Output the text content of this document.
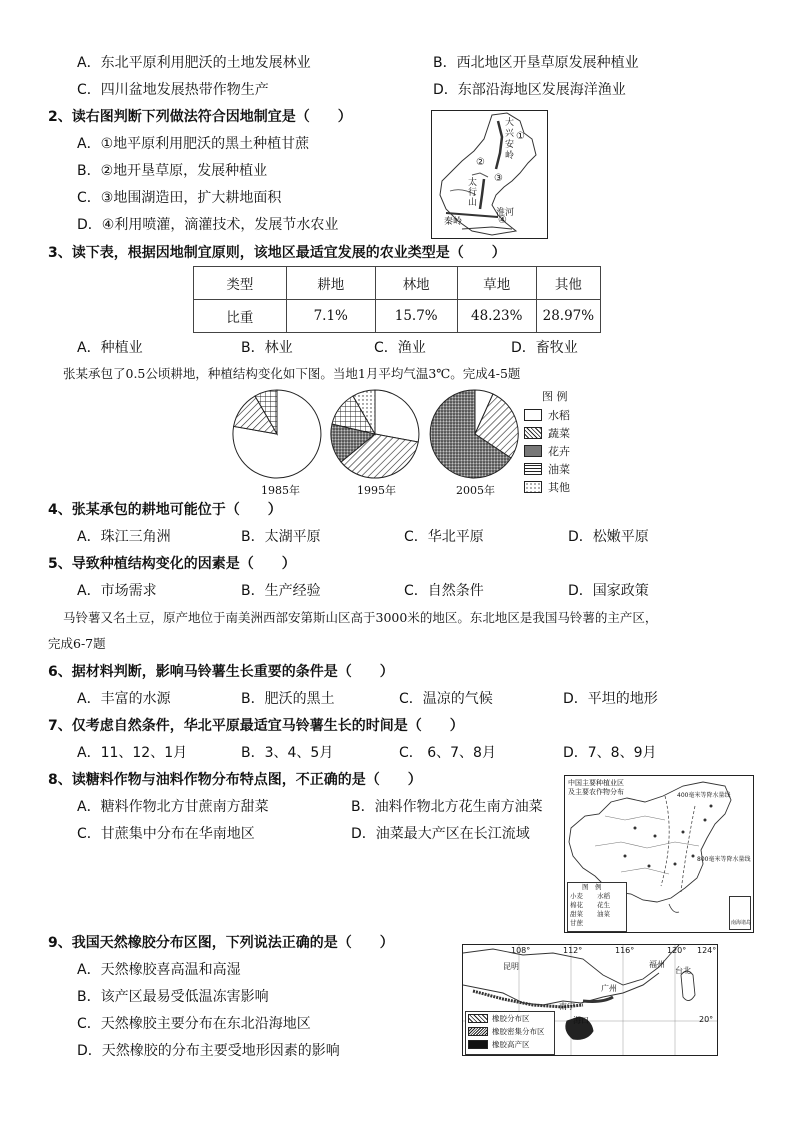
A．东北平原利用肥沃的土地发展林业	B．西北地区开垦草原发展种植业
C．四川盆地发展热带作物生产	D．东部沿海地区发展海洋渔业
2、读右图判断下列做法符合因地制宜是（　　）
A．①地平原利用肥沃的黑土种植甘蔗
B．②地开垦草原，发展种植业
C．③地围湖造田，扩大耕地面积
D．④利用喷灌，滴灌技术，发展节水农业
大
兴
安
岭
①
②
太
行
山
③
秦岭
淮河
④
3、读下表，根据因地制宜原则，该地区最适宜发展的农业类型是（　　）
类型	耕地	林地	草地	其他
比重	7.1%	15.7%	48.23%	28.97%
A．种植业	B．林业	C．渔业	D．畜牧业
张某承包了0.5公顷耕地，种植结构变化如下图。当地1月平均气温3℃。完成4-5题
1985年	1995年	2005年
图 例
水稻
蔬菜
花卉
油菜
其他
4、张某承包的耕地可能位于（　　）
A．珠江三角洲	B．太湖平原	C．华北平原	D．松嫩平原
5、导致种植结构变化的因素是（　　）
A．市场需求	B．生产经验	C．自然条件	D．国家政策
马铃薯又名土豆，原产地位于南美洲西部安第斯山区高于3000米的地区。东北地区是我国马铃薯的主产区，
完成6-7题
6、据材料判断，影响马铃薯生长重要的条件是（　　）
A．丰富的水源	B．肥沃的黑土	C．温凉的气候	D．平坦的地形
7、仅考虑自然条件，华北平原最适宜马铃薯生长的时间是（　　）
A．11、12、1月	B．3、4、5月	C． 6、7、8月	D．7、8、9月
8、读糖料作物与油料作物分布特点图，不正确的是（　　）
A．糖料作物北方甘蔗南方甜菜	B．油料作物北方花生南方油菜
C．甘蔗集中分布在华南地区	D．油菜最大产区在长江流域
中国主要种植业区
及主要农作物分布	400毫米等降水量线
800毫米等降水量线
图　例
小麦	水稻
棉花	花生
甜菜	油菜
甘蔗	南海诸岛
9、我国天然橡胶分布区图，下列说法正确的是（　　）
A．天然橡胶喜高温和高湿
B．该产区最易受低温冻害影响
C．天然橡胶主要分布在东北沿海地区
D．天然橡胶的分布主要受地形因素的影响
108°	112°	116°	120° 124°
20°
昆明
南宁
广州
福州
台北
海口
橡胶分布区
橡胶密集分布区
橡胶高产区
